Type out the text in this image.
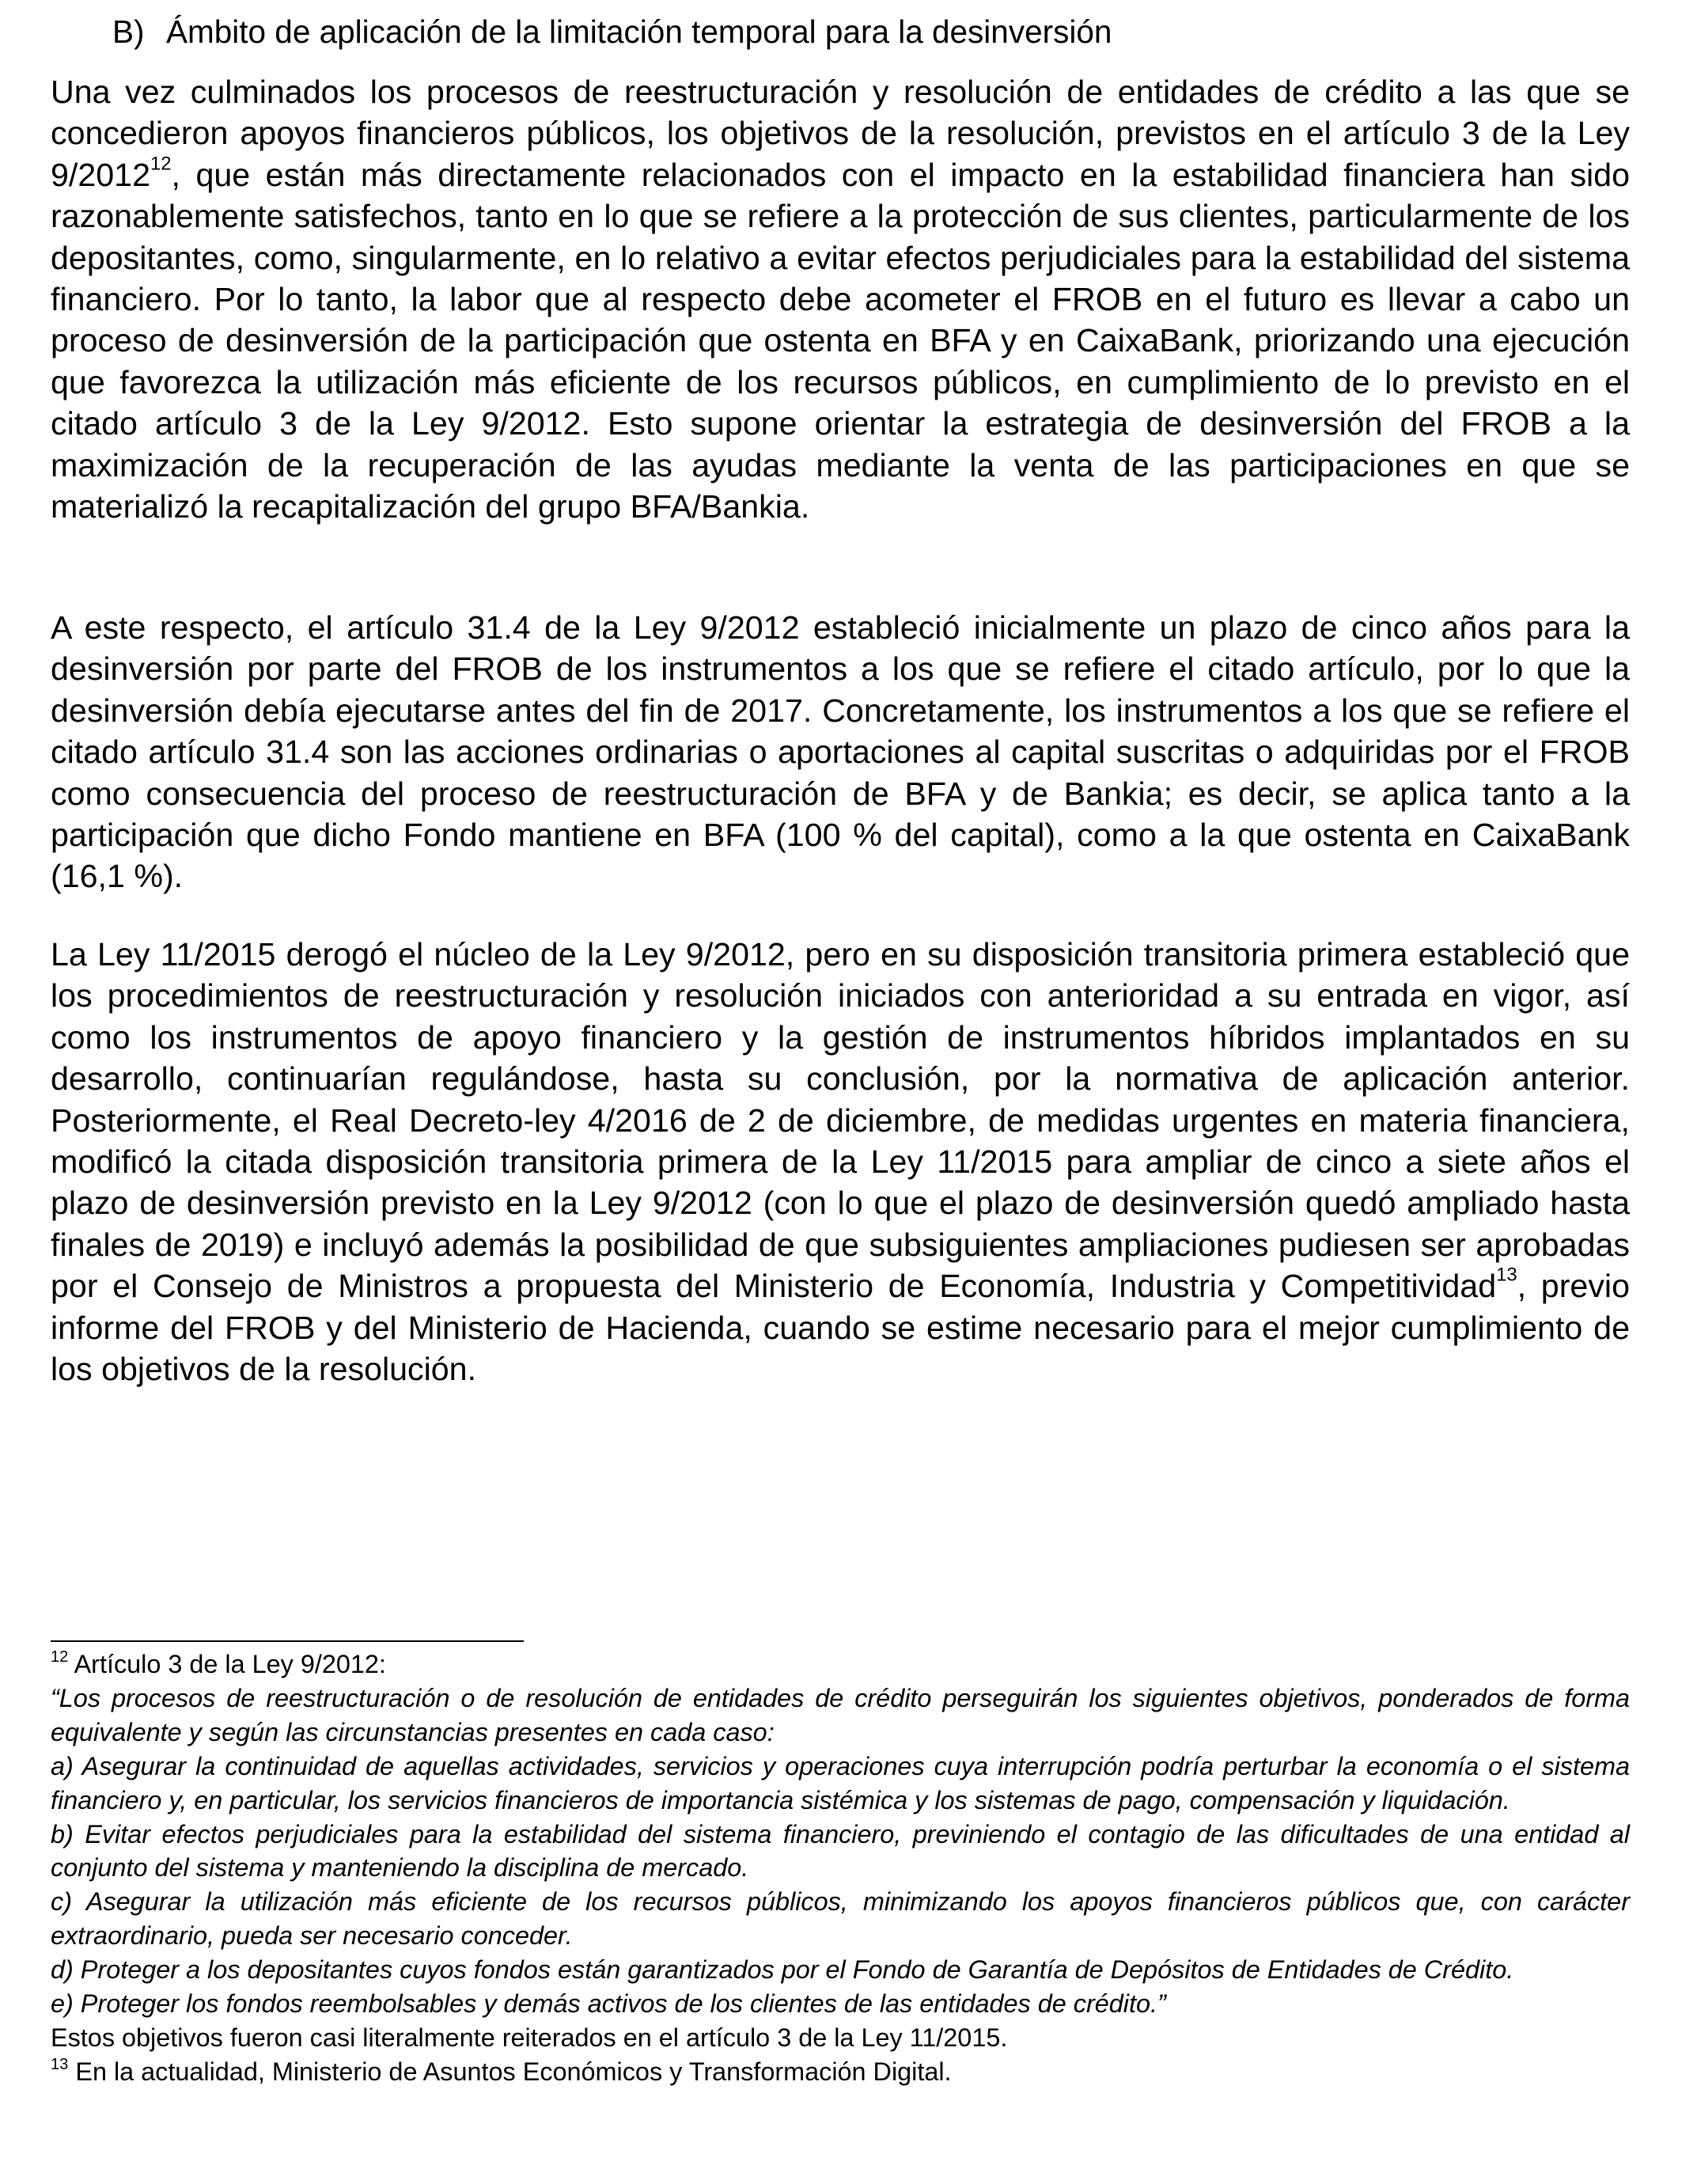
B) Ámbito de aplicación de la limitación temporal para la desinversión
Una vez culminados los procesos de reestructuración y resolución de entidades de crédito a las que se concedieron apoyos financieros públicos, los objetivos de la resolución, previstos en el artículo 3 de la Ley 9/2012$^{12}$, que están más directamente relacionados con el impacto en la estabilidad financiera han sido razonablemente satisfechos, tanto en lo que se refiere a la protección de sus clientes, particularmente de los depositantes, como, singularmente, en lo relativo a evitar efectos perjudiciales para la estabilidad del sistema financiero. Por lo tanto, la labor que al respecto debe acometer el FROB en el futuro es llevar a cabo un proceso de desinversión de la participación que ostenta en BFA y en CaixaBank, priorizando una ejecución que favorezca la utilización más eficiente de los recursos públicos, en cumplimiento de lo previsto en el citado artículo 3 de la Ley 9/2012. Esto supone orientar la estrategia de desinversión del FROB a la maximización de la recuperación de las ayudas mediante la venta de las participaciones en que se materializó la recapitalización del grupo BFA/Bankia.
A este respecto, el artículo 31.4 de la Ley 9/2012 estableció inicialmente un plazo de cinco años para la desinversión por parte del FROB de los instrumentos a los que se refiere el citado artículo, por lo que la desinversión debía ejecutarse antes del fin de 2017. Concretamente, los instrumentos a los que se refiere el citado artículo 31.4 son las acciones ordinarias o aportaciones al capital suscritas o adquiridas por el FROB como consecuencia del proceso de reestructuración de BFA y de Bankia; es decir, se aplica tanto a la participación que dicho Fondo mantiene en BFA (100 % del capital), como a la que ostenta en CaixaBank (16,1 %).
La Ley 11/2015 derogó el núcleo de la Ley 9/2012, pero en su disposición transitoria primera estableció que los procedimientos de reestructuración y resolución iniciados con anterioridad a su entrada en vigor, así como los instrumentos de apoyo financiero y la gestión de instrumentos híbridos implantados en su desarrollo, continuarían regulándose, hasta su conclusión, por la normativa de aplicación anterior. Posteriormente, el Real Decreto-ley 4/2016 de 2 de diciembre, de medidas urgentes en materia financiera, modificó la citada disposición transitoria primera de la Ley 11/2015 para ampliar de cinco a siete años el plazo de desinversión previsto en la Ley 9/2012 (con lo que el plazo de desinversión quedó ampliado hasta finales de 2019) e incluyó además la posibilidad de que subsiguientes ampliaciones pudiesen ser aprobadas por el Consejo de Ministros a propuesta del Ministerio de Economía, Industria y Competitividad$^{13}$, previo informe del FROB y del Ministerio de Hacienda, cuando se estime necesario para el mejor cumplimiento de los objetivos de la resolución.
$^{12}$ Artículo 3 de la Ley 9/2012:
“Los procesos de reestructuración o de resolución de entidades de crédito perseguirán los siguientes objetivos, ponderados de forma equivalente y según las circunstancias presentes en cada caso:
a) Asegurar la continuidad de aquellas actividades, servicios y operaciones cuya interrupción podría perturbar la economía o el sistema financiero y, en particular, los servicios financieros de importancia sistémica y los sistemas de pago, compensación y liquidación.
b) Evitar efectos perjudiciales para la estabilidad del sistema financiero, previniendo el contagio de las dificultades de una entidad al conjunto del sistema y manteniendo la disciplina de mercado.
c) Asegurar la utilización más eficiente de los recursos públicos, minimizando los apoyos financieros públicos que, con carácter extraordinario, pueda ser necesario conceder.
d) Proteger a los depositantes cuyos fondos están garantizados por el Fondo de Garantía de Depósitos de Entidades de Crédito.
e) Proteger los fondos reembolsables y demás activos de los clientes de las entidades de crédito.”
Estos objetivos fueron casi literalmente reiterados en el artículo 3 de la Ley 11/2015.
$^{13}$ En la actualidad, Ministerio de Asuntos Económicos y Transformación Digital.
